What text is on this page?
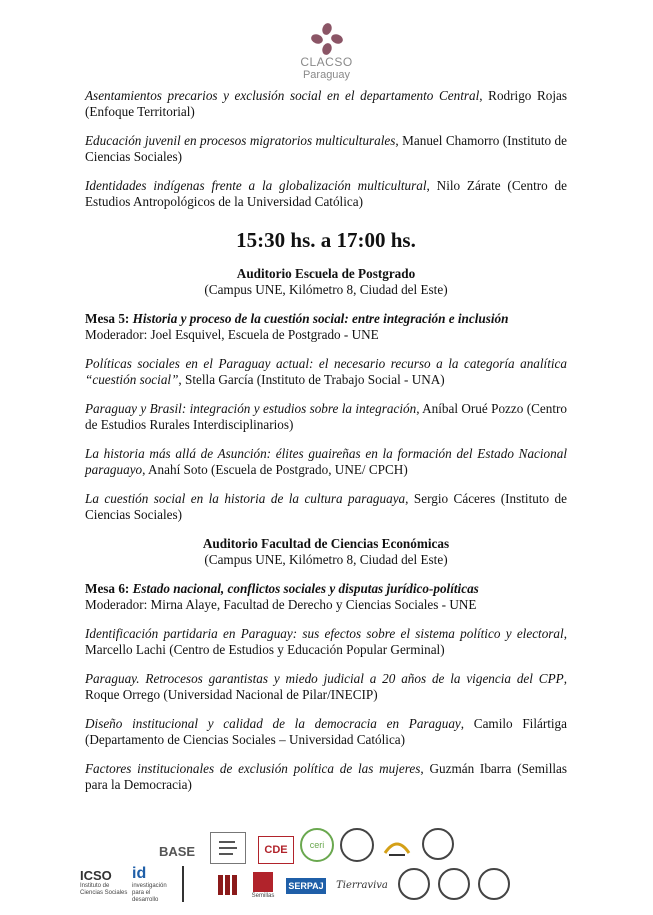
CLACSO
Paraguay

Asentamientos precarios y exclusión social en el departamento Central, Rodrigo Rojas (Enfoque Territorial)

Educación juvenil en procesos migratorios multiculturales, Manuel Chamorro (Instituto de Ciencias Sociales)

Identidades indígenas frente a la globalización multicultural, Nilo Zárate (Centro de Estudios Antropológicos de la Universidad Católica)

15:30 hs. a 17:00 hs.

Auditorio Escuela de Postgrado

(Campus UNE, Kilómetro 8, Ciudad del Este)

Mesa 5: Historia y proceso de la cuestión social: entre integración e inclusión

Moderador: Joel Esquivel, Escuela de Postgrado - UNE

Políticas sociales en el Paraguay actual: el necesario recurso a la categoría analítica “cuestión social”, Stella García (Instituto de Trabajo Social - UNA)

Paraguay y Brasil: integración y estudios sobre la integración, Aníbal Orué Pozzo (Centro de Estudios Rurales Interdisciplinarios)

La historia más allá de Asunción: élites guaireñas en la formación del Estado Nacional paraguayo, Anahí Soto (Escuela de Postgrado, UNE/ CPCH)

La cuestión social en la historia de la cultura paraguaya, Sergio Cáceres (Instituto de Ciencias Sociales)

Auditorio Facultad de Ciencias Económicas

(Campus UNE, Kilómetro 8, Ciudad del Este)

Mesa 6: Estado nacional, conflictos sociales y disputas jurídico-políticas

Moderador: Mirna Alaye, Facultad de Derecho y Ciencias Sociales - UNE

Identificación partidaria en Paraguay: sus efectos sobre el sistema político y electoral, Marcello Lachi (Centro de Estudios y Educación Popular Germinal)

Paraguay. Retrocesos garantistas y miedo judicial a 20 años de la vigencia del CPP, Roque Orrego (Universidad Nacional de Pilar/INECIP)

Diseño institucional y calidad de la democracia en Paraguay, Camilo Filártiga (Departamento de Ciencias Sociales – Universidad Católica)

Factores institucionales de exclusión política de las mujeres, Guzmán Ibarra (Semillas para la Democracia)

BASE	CDE ceri
ICSO
Instituto de Ciencias Sociales
id
investigación para el desarrollo
Semillas
SERPAJ Tierraviva
